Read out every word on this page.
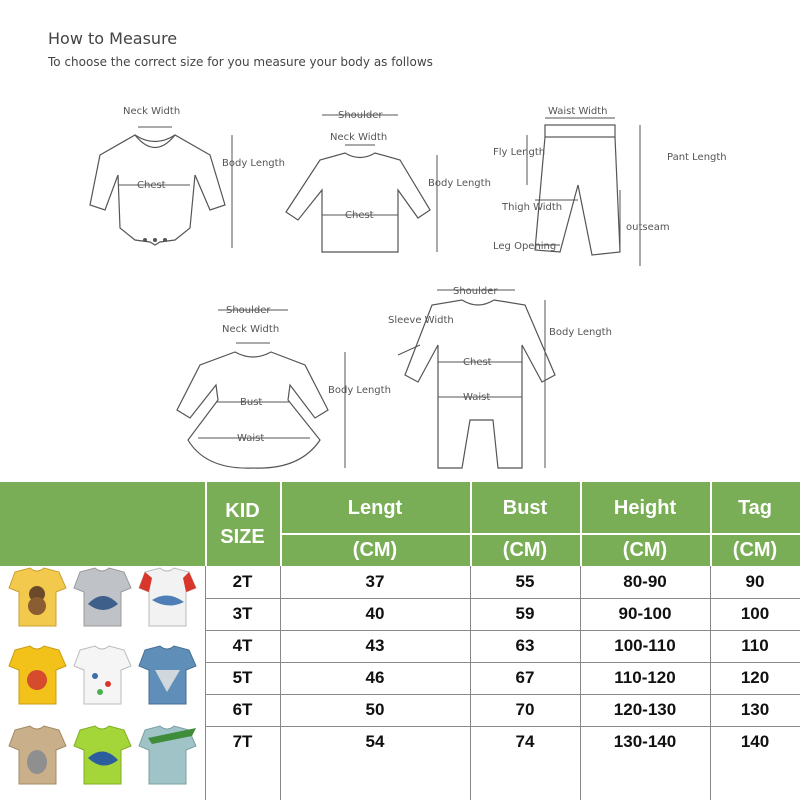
How to Measure
To choose the correct size for you measure your body as follows
Neck Width
Chest
Body Length
Shoulder
Neck Width
Chest
Body Length
Waist Width
Fly Length	Pant Length
Thigh Width
outseam
Leg Opening
Shoulder
Neck Width
Bust
Waist
Body Length
Shoulder
Sleeve Width
Chest
Waist
Body Length
KID
SIZE
Lengt	Bust	Height	Tag
(CM)	(CM)	(CM)	(CM)
2T	37	55	80-90	90
3T	40	59	90-100	100
4T	43	63	100-110	110
5T	46	67	110-120	120
6T	50	70	120-130	130
7T	54	74	130-140	140
